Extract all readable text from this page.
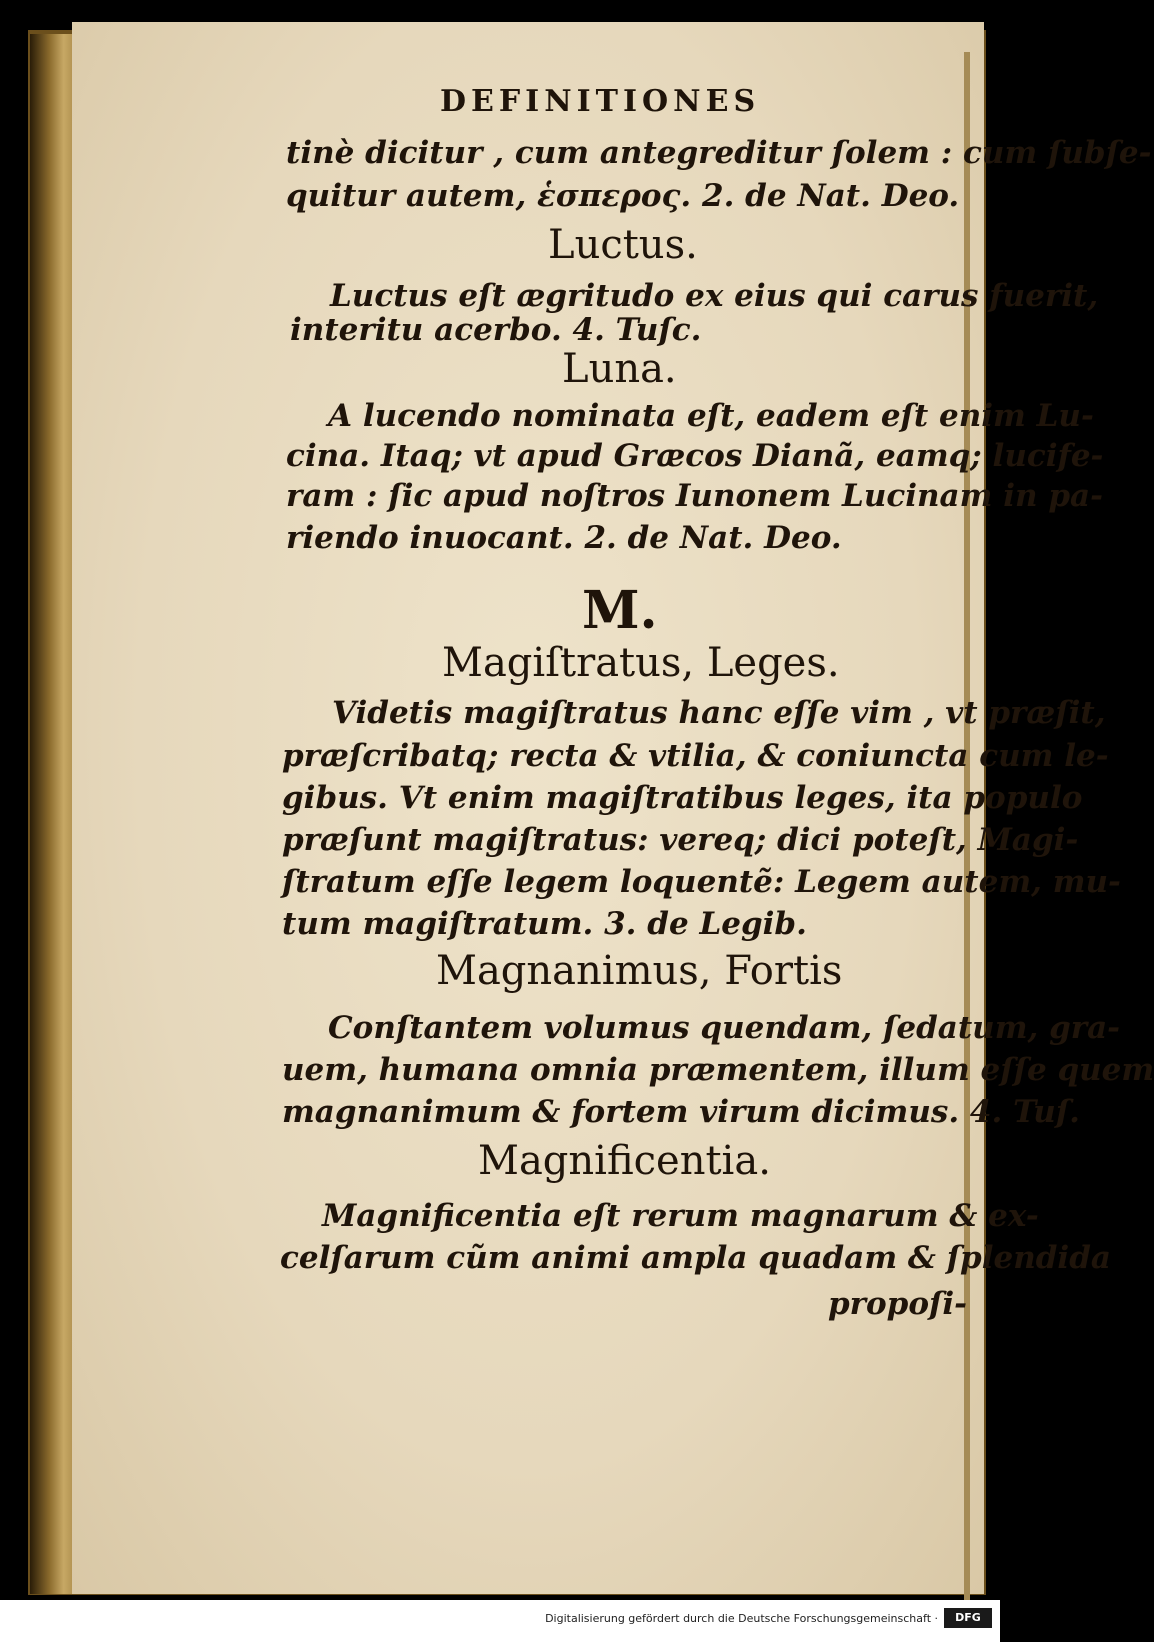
DEFINITIONES
tinè dicitur , cum antegreditur ſolem : cum ſubſe-
quitur autem, ἑσπερος. 2. de Nat. Deo.
Luctus.
Luctus eſt ægritudo ex eius qui carus fuerit,
interitu acerbo. 4. Tuſc.
Luna.
A lucendo nominata eſt, eadem eſt enim Lu-
cina. Itaq; vt apud Græcos Dianã, eamq; lucife-
ram : ſic apud noſtros Iunonem Lucinam in pa-
riendo inuocant. 2. de Nat. Deo.
M.
Magiſtratus, Leges.
Videtis magiſtratus hanc eſſe vim , vt præſit,
præſcribatq; recta & vtilia, & coniuncta cum le-
gibus. Vt enim magiſtratibus leges, ita populo
præſunt magiſtratus: vereq; dici poteſt, Magi-
ſtratum eſſe legem loquentẽ: Legem autem, mu-
tum magiſtratum. 3. de Legib.
Magnanimus, Fortis
Conſtantem volumus quendam, ſedatum, gra-
uem, humana omnia præmentem, illum eſſe quem
magnanimum & fortem virum dicimus. 4. Tuſ.
Magnificentia.
Magnificentia eſt rerum magnarum & ex-
celſarum cũm animi ampla quadam & ſplendida
propoſi-
Digitalisierung gefördert durch die Deutsche Forschungsgemeinschaft ·	DFG
